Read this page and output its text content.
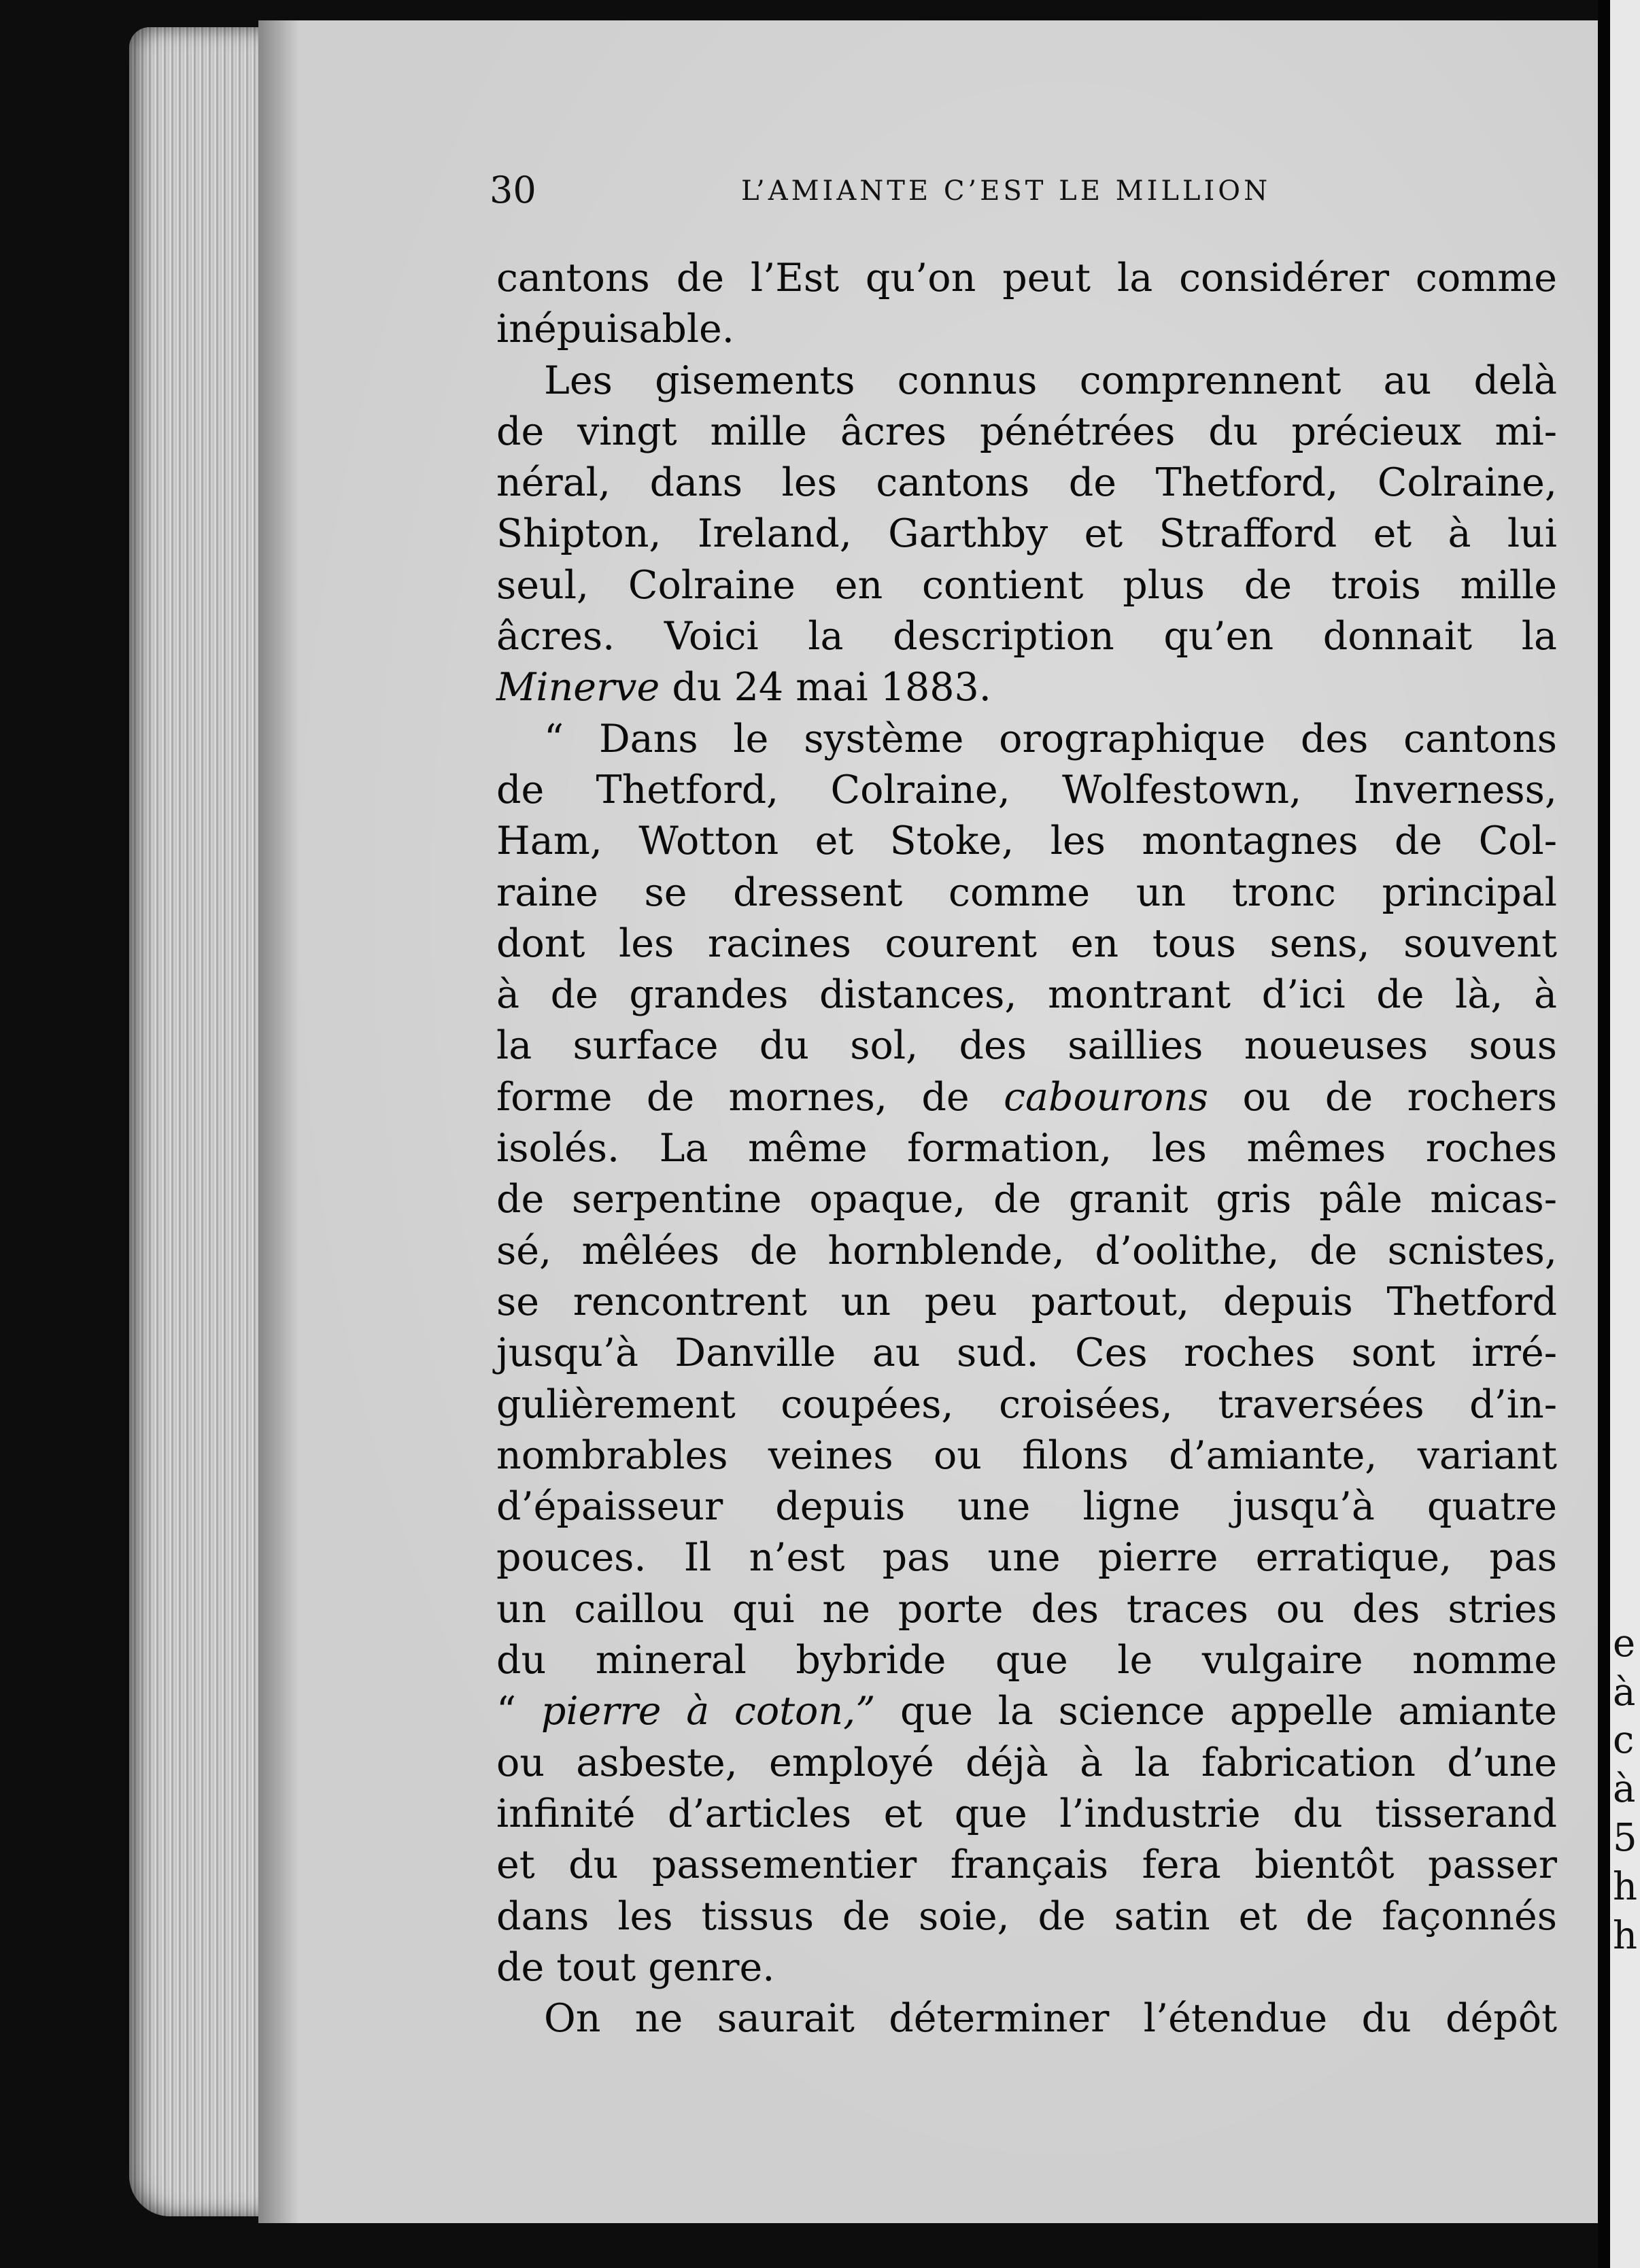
e
à
c
à
5
h
h
30	L’AMIANTE C’EST LE MILLION
cantons de l’Est qu’on peut la considérer comme
inépuisable.
Les gisements connus comprennent au delà
de vingt mille âcres pénétrées du précieux mi-
néral, dans les cantons de Thetford, Colraine,
Shipton, Ireland, Garthby et Strafford et à lui
seul, Colraine en contient plus de trois mille
âcres. Voici la description qu’en donnait la
Minerve du 24 mai 1883.
“ Dans le système orographique des cantons
de Thetford, Colraine, Wolfestown, Inverness,
Ham, Wotton et Stoke, les montagnes de Col-
raine se dressent comme un tronc principal
dont les racines courent en tous sens, souvent
à de grandes distances, montrant d’ici de là, à
la surface du sol, des saillies noueuses sous
forme de mornes, de cabourons ou de rochers
isolés. La même formation, les mêmes roches
de serpentine opaque, de granit gris pâle micas-
sé, mêlées de hornblende, d’oolithe, de scnistes,
se rencontrent un peu partout, depuis Thetford
jusqu’à Danville au sud. Ces roches sont irré-
gulièrement coupées, croisées, traversées d’in-
nombrables veines ou filons d’amiante, variant
d’épaisseur depuis une ligne jusqu’à quatre
pouces. Il n’est pas une pierre erratique, pas
un caillou qui ne porte des traces ou des stries
du mineral bybride que le vulgaire nomme
“ pierre à coton,” que la science appelle amiante
ou asbeste, employé déjà à la fabrication d’une
infinité d’articles et que l’industrie du tisserand
et du passementier français fera bientôt passer
dans les tissus de soie, de satin et de façonnés
de tout genre.
On ne saurait déterminer l’étendue du dépôt
